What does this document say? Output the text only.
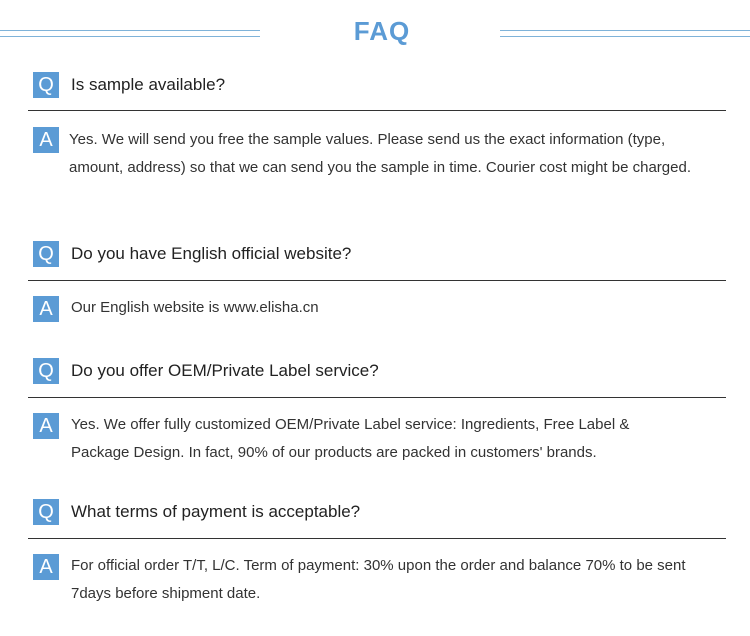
FAQ
Q	Is sample available?
A	Yes. We will send you free the sample values. Please send us the exact information (type, amount, address) so that we can send you the sample in time. Courier cost might be charged.
Q	Do you have English official website?
A	Our English website is www.elisha.cn
Q	Do you offer OEM/Private Label service?
A	Yes. We offer fully customized OEM/Private Label service: Ingredients, Free Label & Package Design. In fact, 90% of our products are packed in customers' brands.
Q	What terms of payment is acceptable?
A	For official order T/T, L/C. Term of payment: 30% upon the order and balance 70% to be sent 7days before shipment date.
